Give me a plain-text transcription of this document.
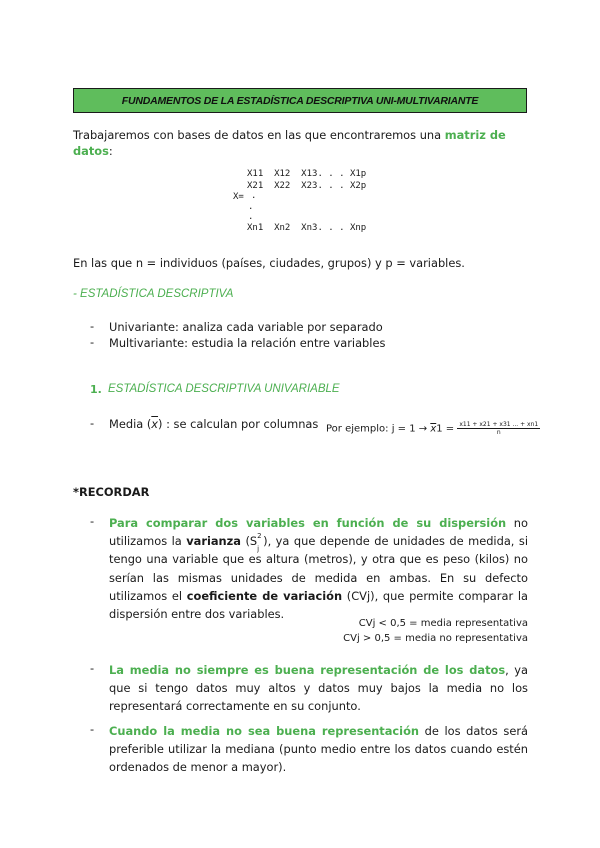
FUNDAMENTOS DE LA ESTADÍSTICA DESCRIPTIVA UNI-MULTIVARIANTE
Trabajaremos con bases de datos en las que encontraremos una matriz de datos:
X11  X12  X13. . . X1p
X21  X22  X23. . . X2p
X= .
.
.
Xn1  Xn2  Xn3. . . Xnp
En las que n = individuos (países, ciudades, grupos) y p = variables.
- ESTADÍSTICA DESCRIPTIVA
- Univariante: analiza cada variable por separado
- Multivariante: estudia la relación entre variables
1. ESTADÍSTICA DESCRIPTIVA UNIVARIABLE
- Media $(\overline{x})$ : se calculan por columnas Por ejemplo: $j = 1 \to \overline{x}1 = \frac{x11 + x21 + x31 ... + xn1}{n}$
*RECORDAR
- Para comparar dos variables en función de su dispersión no utilizamos la varianza (S 2
j
), ya que depende de unidades de medida, si tengo una variable que es altura (metros), y otra que es peso (kilos) no serían las mismas unidades de medida en ambas. En su defecto utilizamos el coeficiente de variación (CVj), que permite comparar la dispersión entre dos variables.
CVj < 0,5 = media representativa
CVj > 0,5 = media no representativa
- La media no siempre es buena representación de los datos, ya que si tengo datos muy altos y datos muy bajos la media no los representará correctamente en su conjunto.
- Cuando la media no sea buena representación de los datos será preferible utilizar la mediana (punto medio entre los datos cuando estén ordenados de menor a mayor).
